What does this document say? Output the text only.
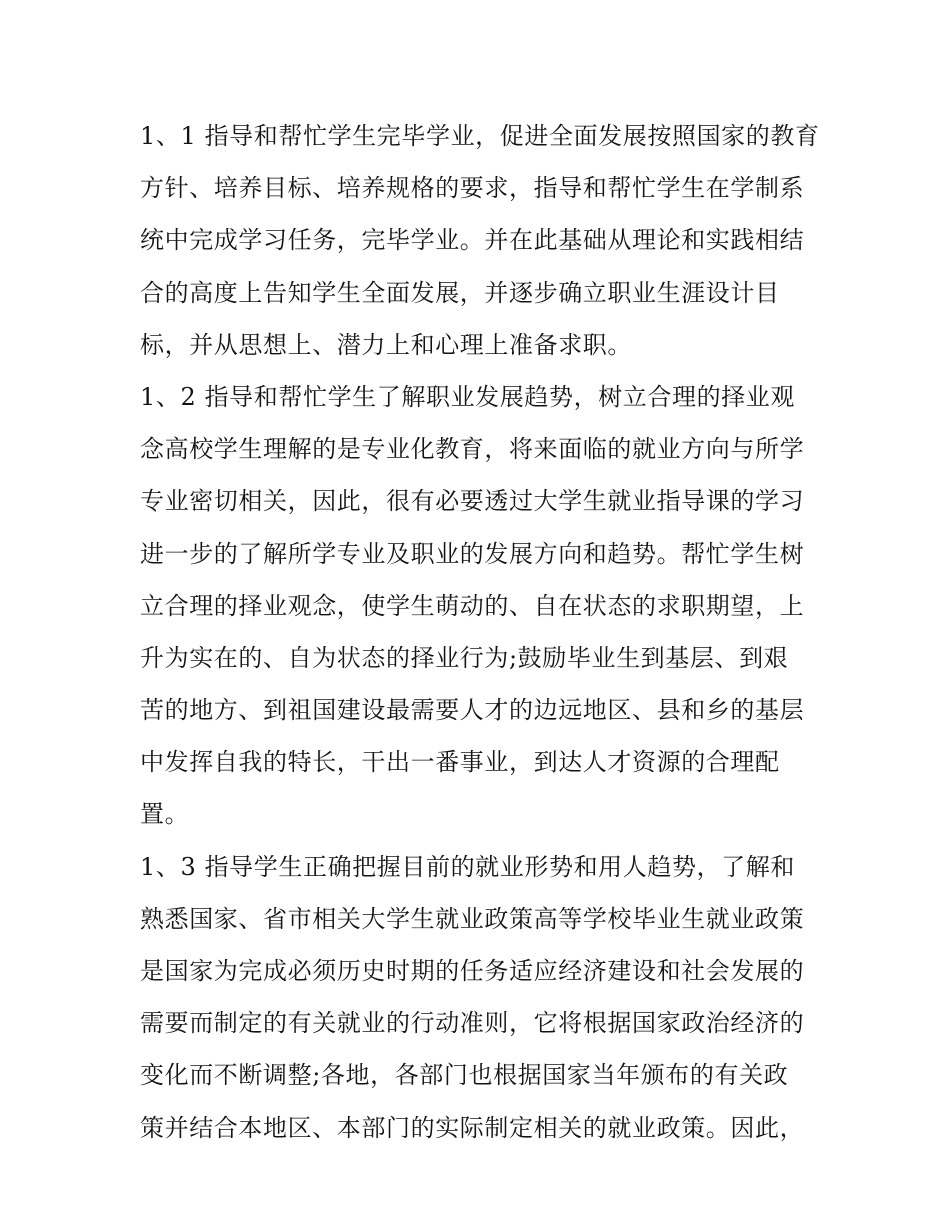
1、1 指导和帮忙学生完毕学业，促进全面发展按照国家的教育
方针、培养目标、培养规格的要求，指导和帮忙学生在学制系
统中完成学习任务，完毕学业。并在此基础从理论和实践相结
合的高度上告知学生全面发展，并逐步确立职业生涯设计目
标，并从思想上、潜力上和心理上准备求职。
1、2 指导和帮忙学生了解职业发展趋势，树立合理的择业观
念高校学生理解的是专业化教育，将来面临的就业方向与所学
专业密切相关，因此，很有必要透过大学生就业指导课的学习
进一步的了解所学专业及职业的发展方向和趋势。帮忙学生树
立合理的择业观念，使学生萌动的、自在状态的求职期望，上
升为实在的、自为状态的择业行为;鼓励毕业生到基层、到艰
苦的地方、到祖国建设最需要人才的边远地区、县和乡的基层
中发挥自我的特长，干出一番事业，到达人才资源的合理配
置。
1、3 指导学生正确把握目前的就业形势和用人趋势，了解和
熟悉国家、省市相关大学生就业政策高等学校毕业生就业政策
是国家为完成必须历史时期的任务适应经济建设和社会发展的
需要而制定的有关就业的行动准则，它将根据国家政治经济的
变化而不断调整;各地，各部门也根据国家当年颁布的有关政
策并结合本地区、本部门的实际制定相关的就业政策。因此，
